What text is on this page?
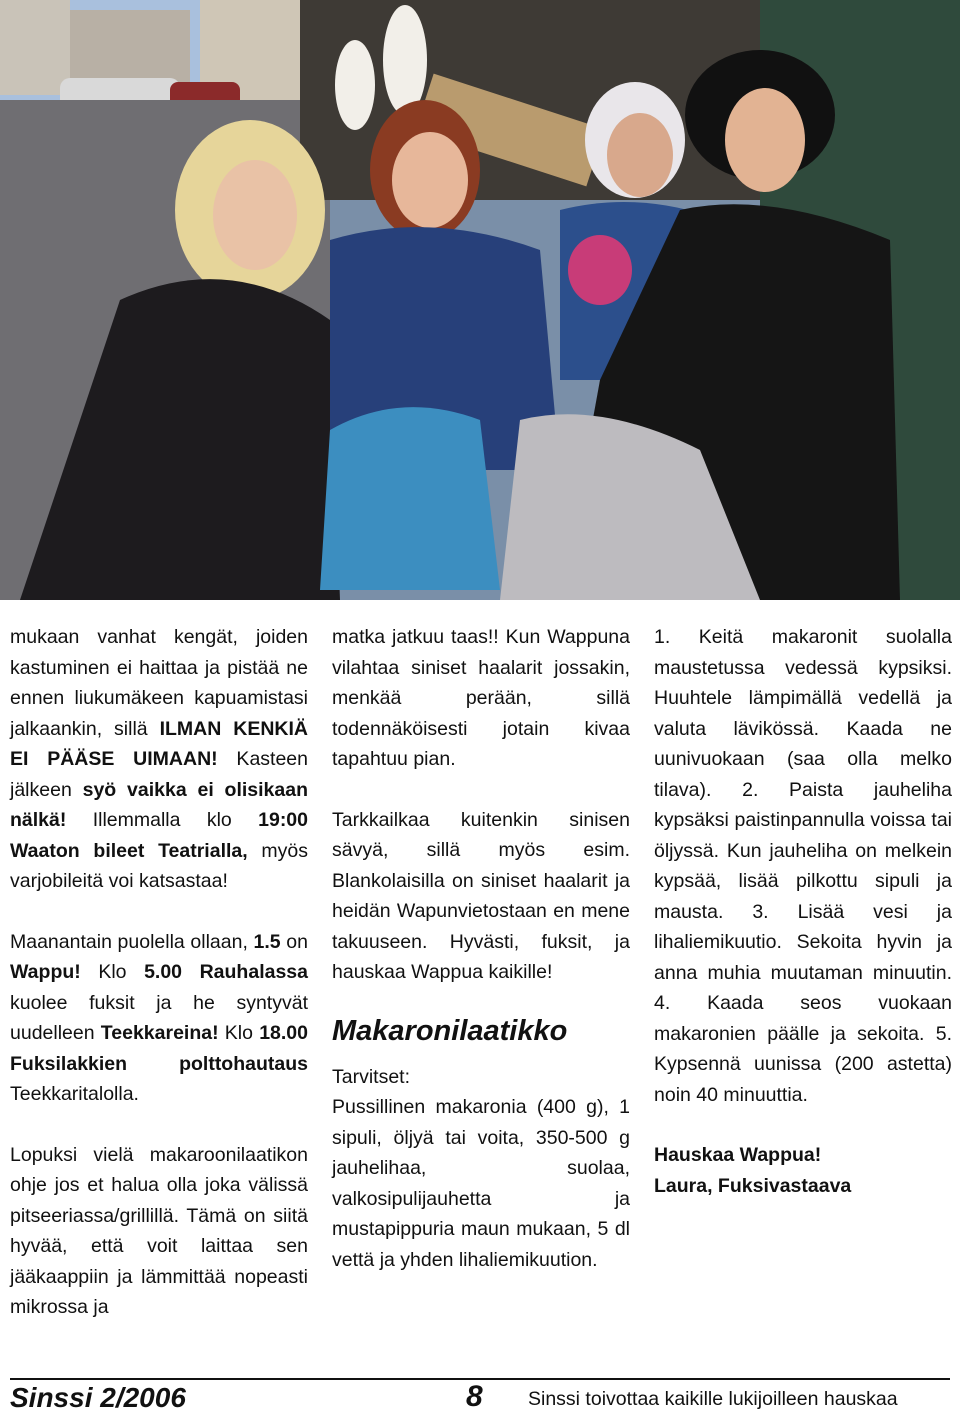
mukaan vanhat kengät, joiden kastuminen ei haittaa ja pistää ne ennen liukumäkeen kapuamistasi jalkaankin, sillä ILMAN KENKIÄ EI PÄÄSE UIMAAN! Kasteen jälkeen syö vaikka ei olisikaan nälkä! Illemmalla klo 19:00 Waaton bileet Teatrialla, myös varjobileitä voi katsastaa!

Maanantain puolella ollaan, 1.5 on Wappu! Klo 5.00 Rauhalassa kuolee fuksit ja he syntyvät uudelleen Teekkareina! Klo 18.00 Fuksilakkien polttohautaus Teekkaritalolla.

Lopuksi vielä makaroonilaatikon ohje jos et halua olla joka välissä pitseeriassa/grillillä. Tämä on siitä hyvää, että voit laittaa sen jääkaappiin ja lämmittää nopeasti mikrossa ja

matka jatkuu taas!! Kun Wappuna vilahtaa siniset haalarit jossakin, menkää perään, sillä todennäköisesti jotain kivaa tapahtuu pian.

Tarkkailkaa kuitenkin sinisen sävyä, sillä myös esim. Blankolaisilla on siniset haalarit ja heidän Wapunvietostaan en mene takuuseen. Hyvästi, fuksit, ja hauskaa Wappua kaikille!

Makaronilaatikko

Tarvitset:

Pussillinen makaronia (400 g), 1 sipuli, öljyä tai voita, 350-500 g jauhelihaa, suolaa, valkosipulijauhetta ja mustapippuria maun mukaan, 5 dl vettä ja yhden lihaliemikuution.

1. Keitä makaronit suolalla maustetussa vedessä kypsiksi. Huuhtele lämpimällä vedellä ja valuta lävikössä. Kaada ne uunivuokaan (saa olla melko tilava). 2. Paista jauheliha kypsäksi paistinpannulla voissa tai öljyssä. Kun jauheliha on melkein kypsää, lisää pilkottu sipuli ja mausta. 3. Lisää vesi ja lihaliemikuutio. Sekoita hyvin ja anna muhia muutaman minuutin. 4. Kaada seos vuokaan makaronien päälle ja sekoita. 5. Kypsennä uunissa (200 astetta) noin 40 minuuttia.

Hauskaa Wappua!

Laura, Fuksivastaava

Sinssi 2/2006	8 Sinssi toivottaa kaikille lukijoilleen hauskaa
